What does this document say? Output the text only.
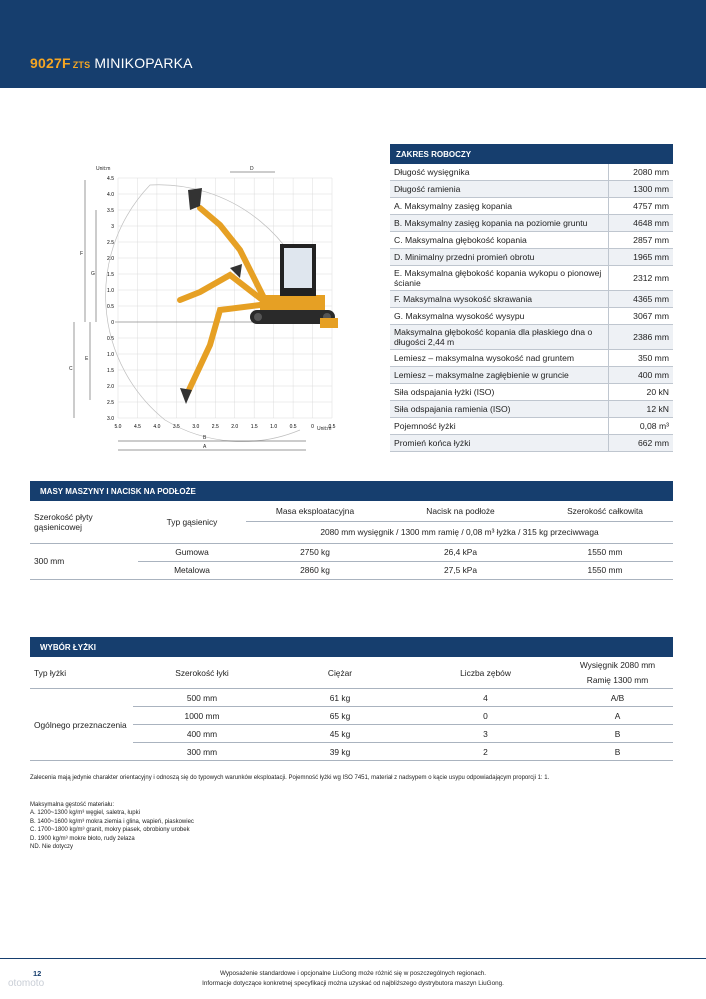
9027F ZTS MINIKOPARKA
4.5
4.0
3.5
3
2.5
2.0
1.5
1.0
0.5
0
0.5
1.0
1.5
2.0
2.5
3.0
5.0	4.5	4.0	3.5	3.0	2.5	2.0	1.5	1.0	0.5	0	0.5
Unit:m
Unit:m
D
B
A
F
G
C
E
ZAKRES ROBOCZY	
Długość wysięgnika	2080 mm
Długość ramienia	1300 mm
A. Maksymalny zasięg kopania	4757 mm
B. Maksymalny zasięg kopania na poziomie gruntu	4648 mm
C. Maksymalna głębokość kopania	2857 mm
D. Minimalny przedni promień obrotu	1965 mm
E. Maksymalna głębokość kopania wykopu o pionowej ścianie	2312 mm
F. Maksymalna wysokość skrawania	4365 mm
G. Maksymalna wysokość wysypu	3067 mm
Maksymalna głębokość kopania dla płaskiego dna o długości 2,44 m	2386 mm
Lemiesz – maksymalna wysokość nad gruntem	350 mm
Lemiesz – maksymalne zagłębienie w gruncie	400 mm
Siła odspajania łyżki (ISO)	20 kN
Siła odspajania ramienia (ISO)	12 kN
Pojemność łyżki	0,08 m³
Promień końca łyżki	662 mm
MASY MASZYNY I NACISK NA PODŁOŻE
Szerokość płyty gąsienicowej	Typ gąsienicy	Masa eksploatacyjna	Nacisk na podłoże	Szerokość całkowita
		2080 mm wysięgnik / 1300 mm ramię / 0,08 m³ łyżka / 315 kg przeciwwaga		
300 mm	Gumowa	2750 kg	26,4 kPa	1550 mm
	Metalowa	2860 kg	27,5 kPa	1550 mm
WYBÓR ŁYŻKI
Typ łyżki	Szerokość łyki	Ciężar	Liczba zębów	Wysięgnik 2080 mm
Ramię 1300 mm

Ogólnego przeznaczenia	500 mm	61 kg	4	A/B
	1000 mm	65 kg	0	A
	400 mm	45 kg	3	B
	300 mm	39 kg	2	B
Zalecenia mają jedynie charakter orientacyjny i odnoszą się do typowych warunków eksploatacji. Pojemność łyżki wg ISO 7451, materiał z nadsypem o kącie usypu odpowiadającym proporcji 1: 1.
Maksymalna gęstość materiału:
A. 1200~1300 kg/m³ węgiel, saletra, łupki
B. 1400~1600 kg/m³ mokra ziemia i glina, wapień, piaskowiec
C. 1700~1800 kg/m³ granit, mokry piasek, obrobiony urobek
D. 1900 kg/m³ mokre błoto, rudy żelaza
ND. Nie dotyczy
12	Wyposażenie standardowe i opcjonalne LiuGong może różnić się w poszczególnych regionach.
Informacje dotyczące konkretnej specyfikacji można uzyskać od najbliższego dystrybutora maszyn LiuGong.
otomoto
